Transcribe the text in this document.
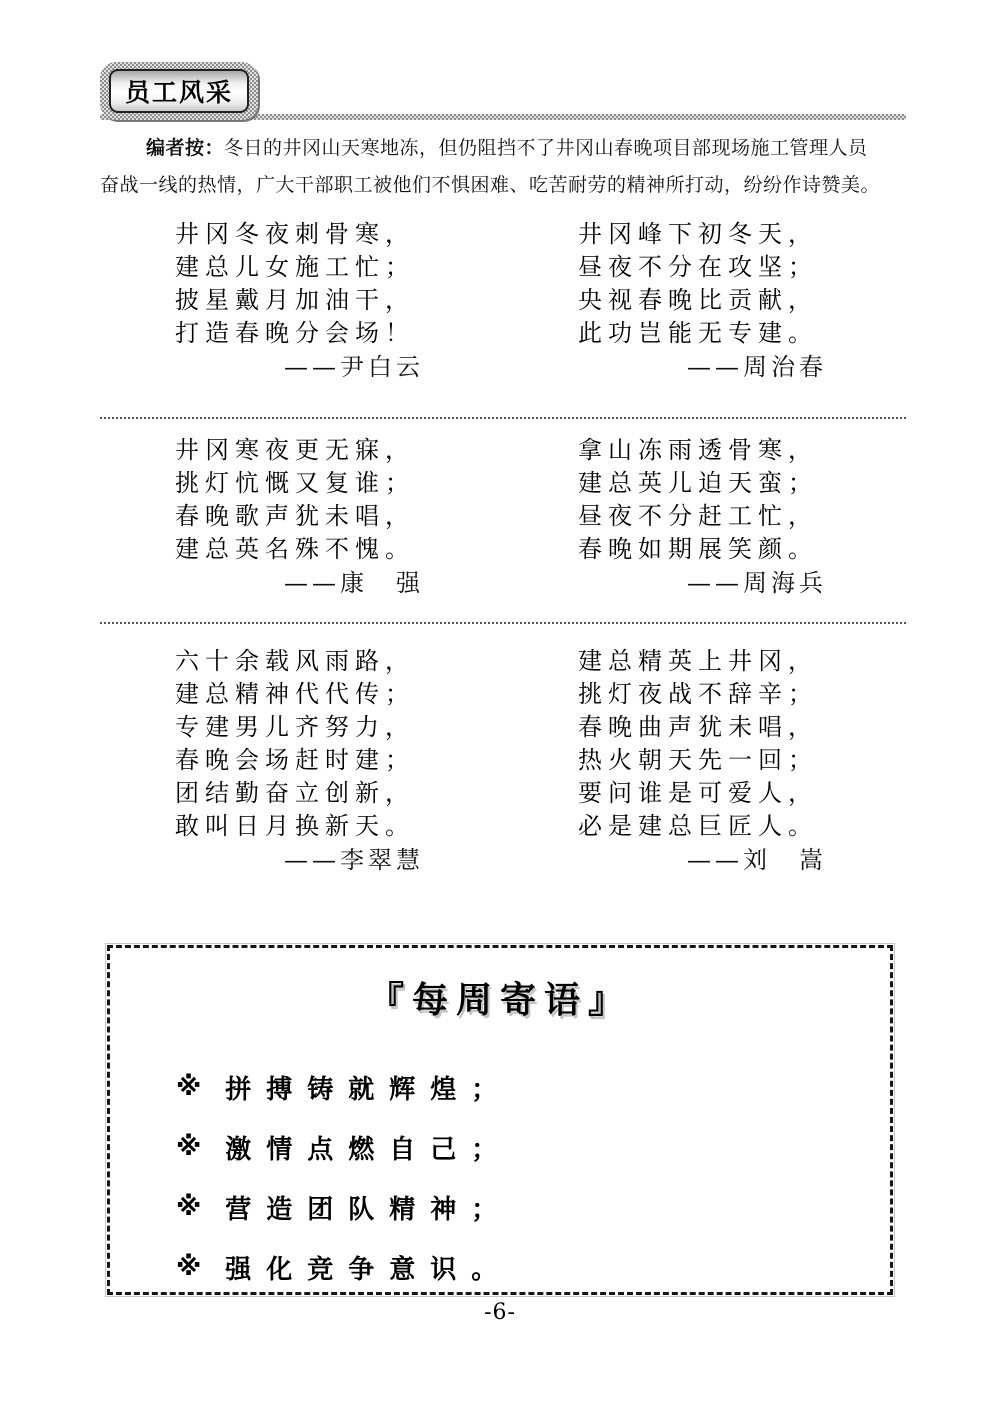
员工风采

编者按：冬日的井冈山天寒地冻，但仍阻挡不了井冈山春晚项目部现场施工管理人员
奋战一线的热情，广大干部职工被他们不惧困难、吃苦耐劳的精神所打动，纷纷作诗赞美。

井冈冬夜刺骨寒，
建总儿女施工忙；
披星戴月加油干，
打造春晚分会场！
——尹白云
井冈峰下初冬天，
昼夜不分在攻坚；
央视春晚比贡献，
此功岂能无专建。
——周治春
井冈寒夜更无寐，
挑灯忼慨又复谁；
春晚歌声犹未唱，
建总英名殊不愧。
——康　强
拿山冻雨透骨寒，
建总英儿迫天蛮；
昼夜不分赶工忙，
春晚如期展笑颜。
——周海兵
六十余载风雨路，
建总精神代代传；
专建男儿齐努力，
春晚会场赶时建；
团结勤奋立创新，
敢叫日月换新天。
——李翠慧
建总精英上井冈，
挑灯夜战不辞辛；
春晚曲声犹未唱，
热火朝天先一回；
要问谁是可爱人，
必是建总巨匠人。
——刘　嵩
『每周寄语』
※ 拼搏铸就辉煌；
※ 激情点燃自己；
※ 营造团队精神；
※ 强化竞争意识。
-6-
